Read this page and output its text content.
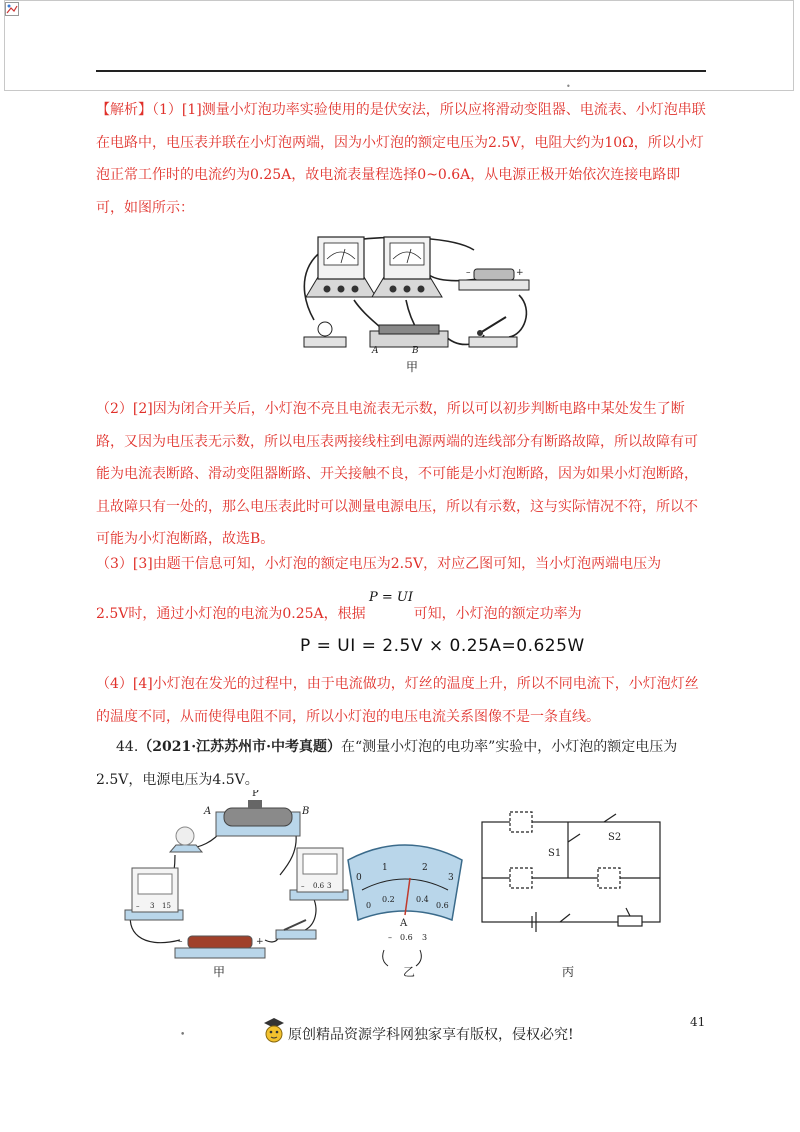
•

【解析】（1）[1]测量小灯泡功率实验使用的是伏安法，所以应将滑动变阻器、电流表、小灯泡串联在电路中，电压表并联在小灯泡两端，因为小灯泡的额定电压为2.5V，电阻大约为10Ω，所以小灯泡正常工作时的电流约为0.25A，故电流表量程选择0~0.6A，从电源正极开始依次连接电路即可，如图所示：

–	+
A	B
甲

（2）[2]因为闭合开关后，小灯泡不亮且电流表无示数，所以可以初步判断电路中某处发生了断路，又因为电压表无示数，所以电压表两接线柱到电源两端的连线部分有断路故障，所以故障有可能为电流表断路、滑动变阻器断路、开关接触不良，不可能是小灯泡断路，因为如果小灯泡断路，且故障只有一处的，那么电压表此时可以测量电源电压，所以有示数，这与实际情况不符，所以不可能为小灯泡断路，故选B。

（3）[3]由题干信息可知，小灯泡的额定电压为2.5V，对应乙图可知，当小灯泡两端电压为

2.5V时，通过小灯泡的电流为0.25A，根据	可知，小灯泡的额定功率为

P = UI
P = UI = 2.5V × 0.25A=0.625W

（4）[4]小灯泡在发光的过程中，由于电流做功，灯丝的温度上升，所以不同电流下，小灯泡灯丝的温度不同，从而使得电阻不同，所以小灯泡的电压电流关系图像不是一条直线。

44.（2021·江苏苏州市·中考真题）在“测量小灯泡的电功率”实验中，小灯泡的额定电压为2.5V，电源电压为4.5V。

A	B
P
– 3 15
– 0.6 3
–	+
甲
0
1	2
3
0
0.2	0.4
0.6
A
– 0.6 3
乙
S1
S2
丙
41
•	原创精品资源学科网独家享有版权，侵权必究!
